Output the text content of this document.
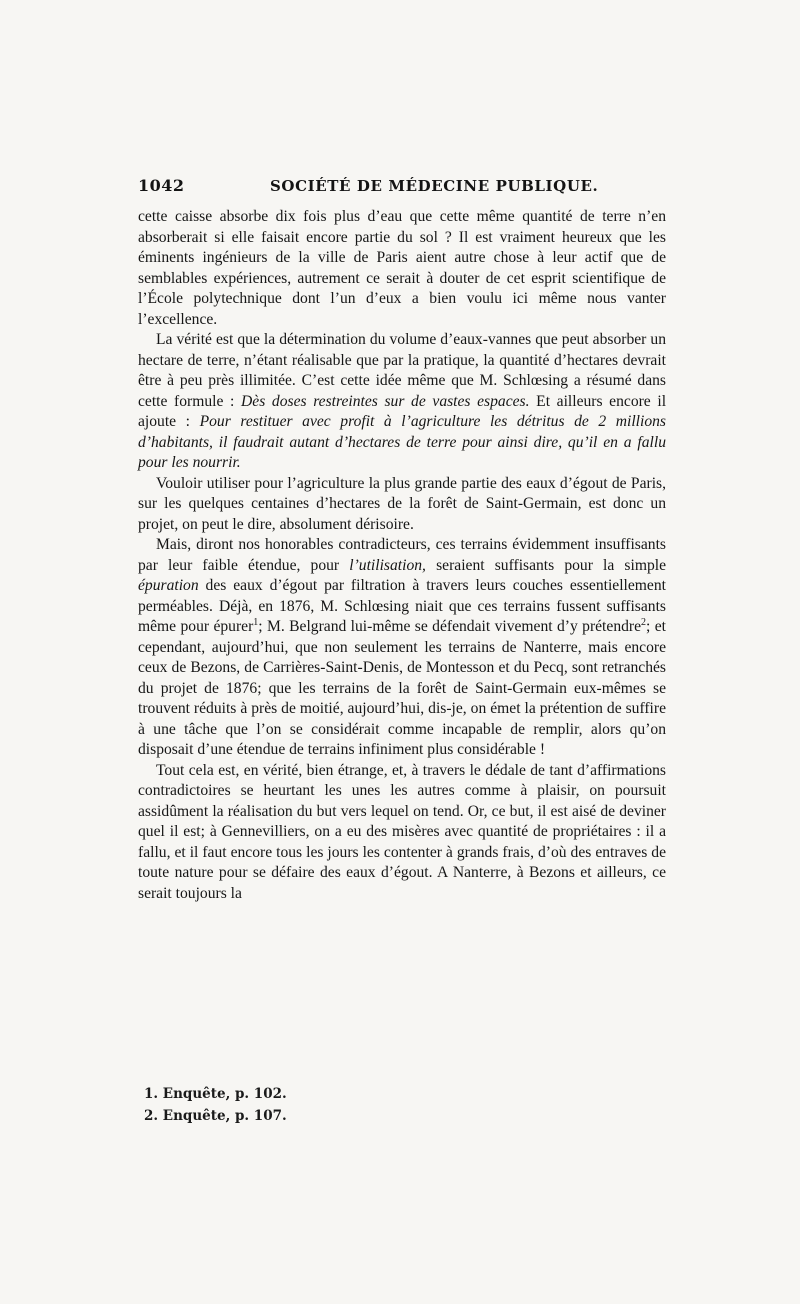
1042	SOCIÉTÉ DE MÉDECINE PUBLIQUE.

cette caisse absorbe dix fois plus d’eau que cette même quantité de terre n’en absorberait si elle faisait encore partie du sol ? Il est vraiment heureux que les éminents ingénieurs de la ville de Paris aient autre chose à leur actif que de semblables expériences, autrement ce serait à douter de cet esprit scientifique de l’École polytechnique dont l’un d’eux a bien voulu ici même nous vanter l’excellence.

La vérité est que la détermination du volume d’eaux-vannes que peut absorber un hectare de terre, n’étant réalisable que par la pratique, la quantité d’hectares devrait être à peu près illimitée. C’est cette idée même que M. Schlœsing a résumé dans cette formule : Dès doses restreintes sur de vastes espaces. Et ailleurs encore il ajoute : Pour restituer avec profit à l’agriculture les détritus de 2 millions d’habitants, il faudrait autant d’hectares de terre pour ainsi dire, qu’il en a fallu pour les nourrir.

Vouloir utiliser pour l’agriculture la plus grande partie des eaux d’égout de Paris, sur les quelques centaines d’hectares de la forêt de Saint-Germain, est donc un projet, on peut le dire, absolument dérisoire.

Mais, diront nos honorables contradicteurs, ces terrains évidemment insuffisants par leur faible étendue, pour l’utilisation, seraient suffisants pour la simple épuration des eaux d’égout par filtration à travers leurs couches essentiellement perméables. Déjà, en 1876, M. Schlœsing niait que ces terrains fussent suffisants même pour épurer$^1$; M. Belgrand lui-même se défendait vivement d’y prétendre$^2$; et cependant, aujourd’hui, que non seulement les terrains de Nanterre, mais encore ceux de Bezons, de Carrières-Saint-Denis, de Montesson et du Pecq, sont retranchés du projet de 1876; que les terrains de la forêt de Saint-Germain eux-mêmes se trouvent réduits à près de moitié, aujourd’hui, dis-je, on émet la prétention de suffire à une tâche que l’on se considérait comme incapable de remplir, alors qu’on disposait d’une étendue de terrains infiniment plus considérable !

Tout cela est, en vérité, bien étrange, et, à travers le dédale de tant d’affirmations contradictoires se heurtant les unes les autres comme à plaisir, on poursuit assidûment la réalisation du but vers lequel on tend. Or, ce but, il est aisé de deviner quel il est; à Gennevilliers, on a eu des misères avec quantité de propriétaires : il a fallu, et il faut encore tous les jours les contenter à grands frais, d’où des entraves de toute nature pour se défaire des eaux d’égout. A Nanterre, à Bezons et ailleurs, ce serait toujours la

1. Enquête, p. 102.
2. Enquête, p. 107.
